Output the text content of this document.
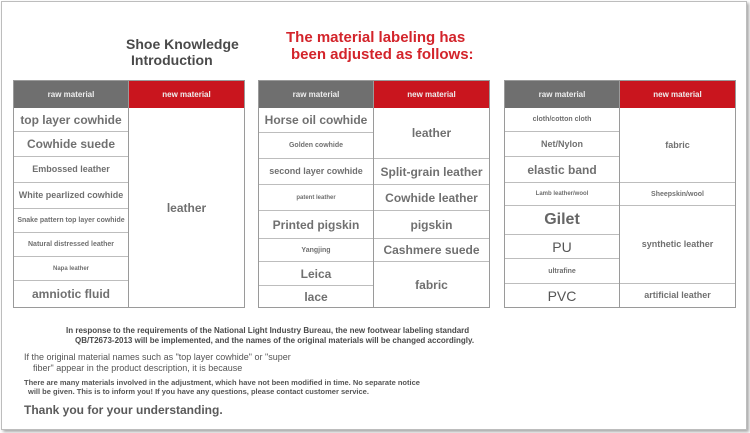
Shoe Knowledge
Introduction
The material labeling has
been adjusted as follows:
raw material
top layer cowhide
Cowhide suede
Embossed leather
White pearlized cowhide
Snake pattern top layer cowhide
Natural distressed leather
Napa leather
amniotic fluid
new material
leather
raw material
Horse oil cowhide
Golden cowhide
second layer cowhide
patent leather
Printed pigskin
Yangjing
Leica
lace
new material
leather
Split-grain leather
Cowhide leather
pigskin
Cashmere suede
fabric
raw material
cloth/cotton cloth
Net/Nylon
elastic band
Lamb leather/wool
Gilet
PU
ultrafine
PVC
new material
fabric
Sheepskin/wool
synthetic leather
artificial leather
In response to the requirements of the National Light Industry Bureau, the new footwear labeling standard
QB/T2673-2013 will be implemented, and the names of the original materials will be changed accordingly.
If the original material names such as "top layer cowhide" or "super
fiber" appear in the product description, it is because
There are many materials involved in the adjustment, which have not been modified in time. No separate notice
will be given. This is to inform you! If you have any questions, please contact customer service.
Thank you for your understanding.
